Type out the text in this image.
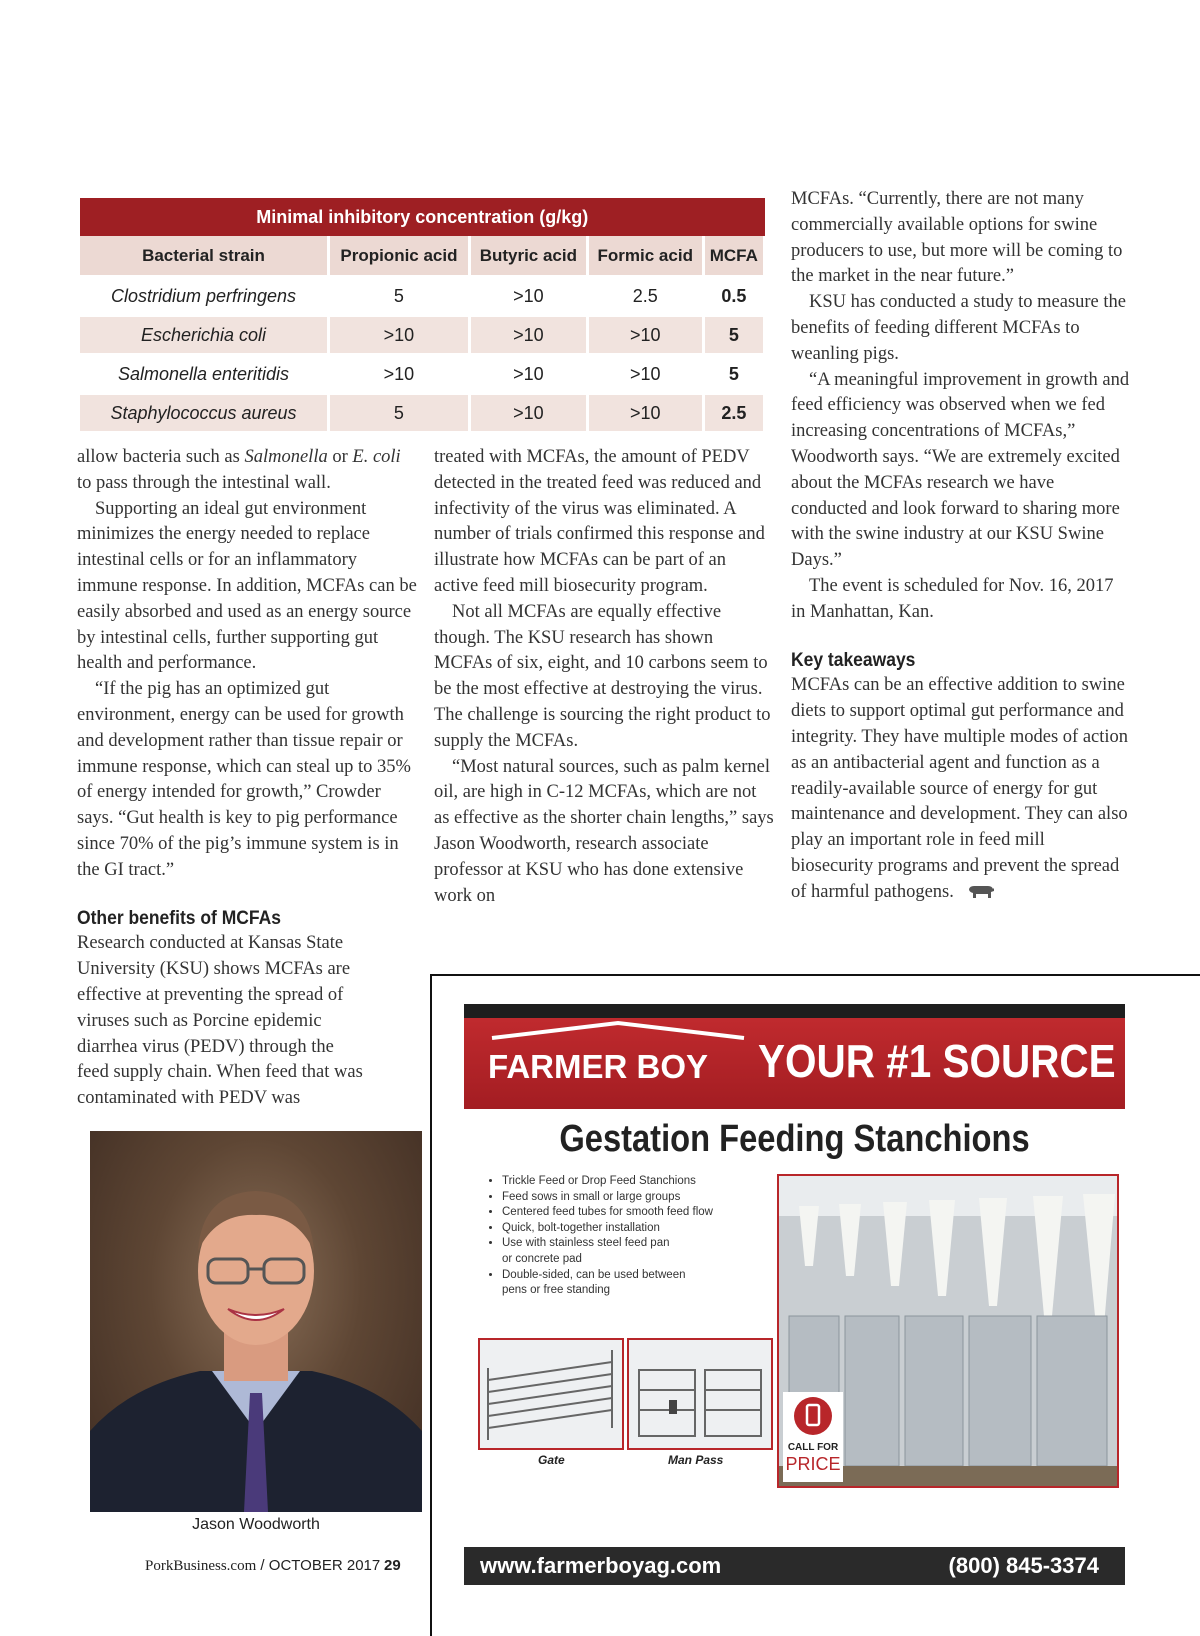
Minimal inhibitory concentration (g/kg)				
Bacterial strain	Propionic acid	Butyric acid	Formic acid	MCFA
Clostridium perfringens	5	>10	2.5	0.5
Escherichia coli	>10	>10	>10	5
Salmonella enteritidis	>10	>10	>10	5
Staphylococcus aureus	5	>10	>10	2.5

allow bacteria such as Salmonella or E. coli to pass through the intestinal wall.

Supporting an ideal gut environment minimizes the energy needed to replace intestinal cells or for an inflammatory immune response. In addition, MCFAs can be easily absorbed and used as an energy source by intestinal cells, further supporting gut health and performance.

“If the pig has an optimized gut environment, energy can be used for growth and development rather than tissue repair or immune response, which can steal up to 35% of energy intended for growth,” Crowder says. “Gut health is key to pig performance since 70% of the pig’s immune system is in the GI tract.”

Other benefits of MCFAs

Research conducted at Kansas State University (KSU) shows MCFAs are effective at preventing the spread of viruses such as Porcine epidemic diarrhea virus (PEDV) through the feed supply chain. When feed that was contaminated with PEDV was

treated with MCFAs, the amount of PEDV detected in the treated feed was reduced and infectivity of the virus was eliminated. A number of trials confirmed this response and illustrate how MCFAs can be part of an active feed mill biosecurity program.

Not all MCFAs are equally effective though. The KSU research has shown MCFAs of six, eight, and 10 carbons seem to be the most effective at destroying the virus. The challenge is sourcing the right product to supply the MCFAs.

“Most natural sources, such as palm kernel oil, are high in C-12 MCFAs, which are not as effective as the shorter chain lengths,” says Jason Woodworth, research associate professor at KSU who has done extensive work on

MCFAs. “Currently, there are not many commercially available options for swine producers to use, but more will be coming to the market in the near future.”

KSU has conducted a study to measure the benefits of feeding different MCFAs to weanling pigs.

“A meaningful improvement in growth and feed efficiency was observed when we fed increasing concentrations of MCFAs,” Woodworth says. “We are extremely excited about the MCFAs research we have conducted and look forward to sharing more with the swine industry at our KSU Swine Days.”

The event is scheduled for Nov. 16, 2017 in Manhattan, Kan.

Key takeaways

MCFAs can be an effective addition to swine diets to support optimal gut performance and integrity. They have multiple modes of action as an antibacterial agent and function as a readily-available source of energy for gut maintenance and development. They can also play an important role in feed mill biosecurity programs and prevent the spread of harmful pathogens.

Jason Woodworth
PorkBusiness.com / OCTOBER 2017 29
FARMER BOY YOUR #1 SOURCE
Gestation Feeding Stanchions
• Trickle Feed or Drop Feed Stanchions
• Feed sows in small or large groups
• Centered feed tubes for smooth feed flow
• Quick, bolt-together installation
• Use with stainless steel feed pan or concrete pad
• Double-sided, can be used between pens or free standing
CALL FOR
PRICE
Gate	Man Pass
www.farmerboyag.com	(800) 845-3374
